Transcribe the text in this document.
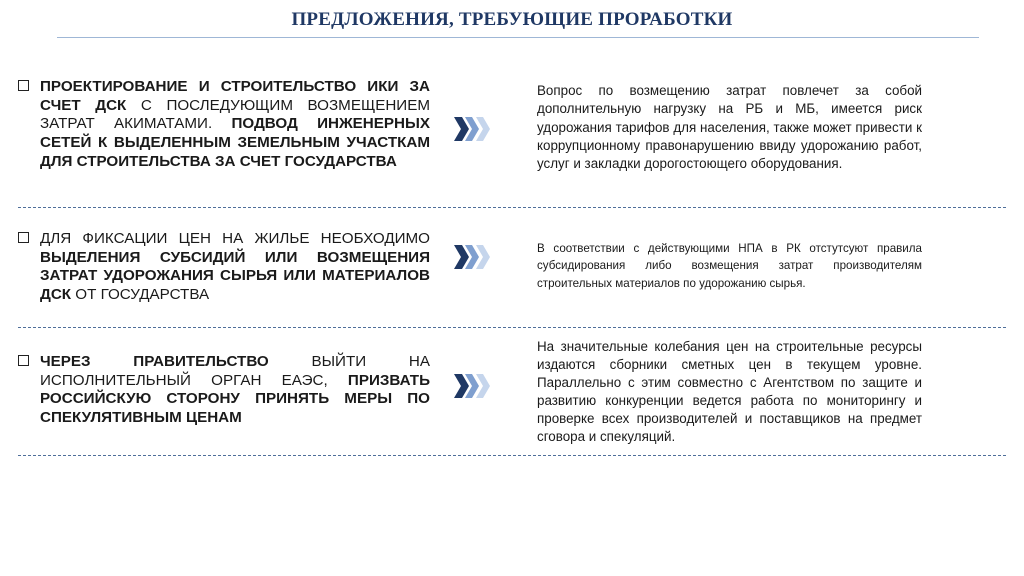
ПРЕДЛОЖЕНИЯ, ТРЕБУЮЩИЕ ПРОРАБОТКИ
ПРОЕКТИРОВАНИЕ И СТРОИТЕЛЬСТВО ИКИ ЗА СЧЕТ ДСК С ПОСЛЕДУЮЩИМ ВОЗМЕЩЕНИЕМ ЗАТРАТ АКИМАТАМИ. ПОДВОД ИНЖЕНЕРНЫХ СЕТЕЙ К ВЫДЕЛЕННЫМ ЗЕМЕЛЬНЫМ УЧАСТКАМ ДЛЯ СТРОИТЕЛЬСТВА ЗА СЧЕТ ГОСУДАРСТВА
Вопрос по возмещению затрат повлечет за собой дополнительную нагрузку на РБ и МБ, имеется риск удорожания тарифов для населения, также может привести к коррупционному правонарушению ввиду удорожанию работ, услуг и закладки дорогостоющего оборудования.
ДЛЯ ФИКСАЦИИ ЦЕН НА ЖИЛЬЕ НЕОБХОДИМО ВЫДЕЛЕНИЯ СУБСИДИЙ ИЛИ ВОЗМЕЩЕНИЯ ЗАТРАТ УДОРОЖАНИЯ СЫРЬЯ ИЛИ МАТЕРИАЛОВ ДСК ОТ ГОСУДАРСТВА
В соответствии с действующими НПА в РК отстутсуют правила субсидирования либо возмещения затрат производителям строительных материалов по удорожанию сырья.
ЧЕРЕЗ ПРАВИТЕЛЬСТВО ВЫЙТИ НА ИСПОЛНИТЕЛЬНЫЙ ОРГАН ЕАЭС, ПРИЗВАТЬ РОССИЙСКУЮ СТОРОНУ ПРИНЯТЬ МЕРЫ ПО СПЕКУЛЯТИВНЫМ ЦЕНАМ
На значительные колебания цен на строительные ресурсы издаются сборники сметных цен в текущем уровне. Параллельно с этим совместно с Агентством по защите и развитию конкуренции ведется работа по мониторингу и проверке всех производителей и поставщиков на предмет сговора и спекуляций.
